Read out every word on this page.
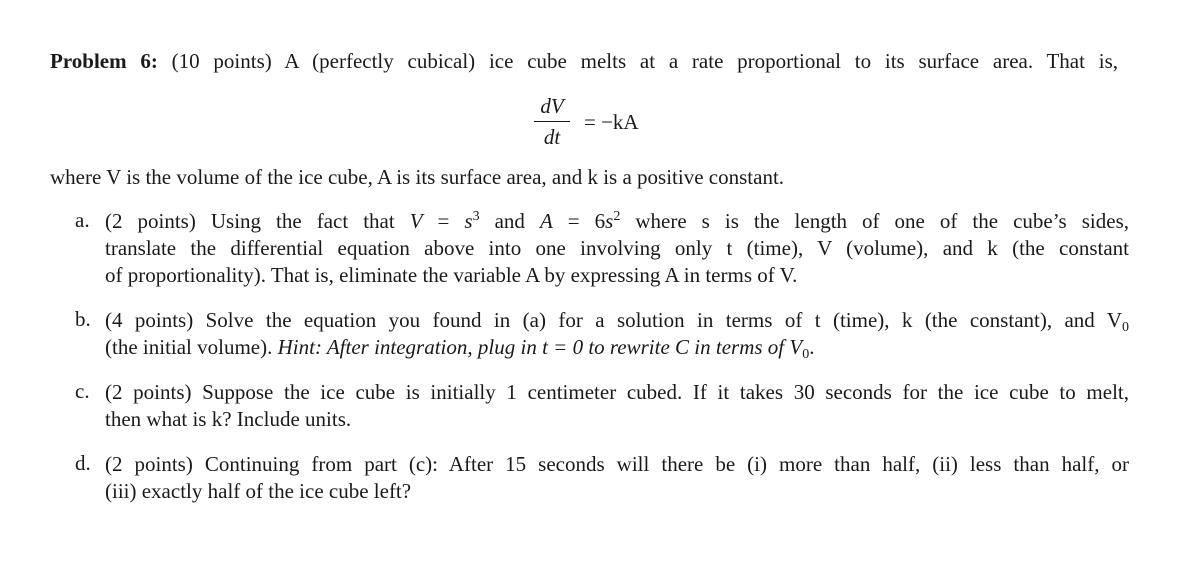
Problem 6: (10 points) A (perfectly cubical) ice cube melts at a rate proportional to its surface area. That is,
dV
dt
= −kA
where V is the volume of the ice cube, A is its surface area, and k is a positive constant.
a. (2 points) Using the fact that $V = s^3$ and $A = 6s^2$ where s is the length of one of the cube’s sides,
translate the differential equation above into one involving only t (time), V (volume), and k (the constant
of proportionality). That is, eliminate the variable A by expressing A in terms of V.
b. (4 points) Solve the equation you found in (a) for a solution in terms of t (time), k (the constant), and $V_0$
(the initial volume). Hint: After integration, plug in t = 0 to rewrite C in terms of $V_0$.
c. (2 points) Suppose the ice cube is initially 1 centimeter cubed. If it takes 30 seconds for the ice cube to melt,
then what is k? Include units.
d. (2 points) Continuing from part (c): After 15 seconds will there be (i) more than half, (ii) less than half, or
(iii) exactly half of the ice cube left?
